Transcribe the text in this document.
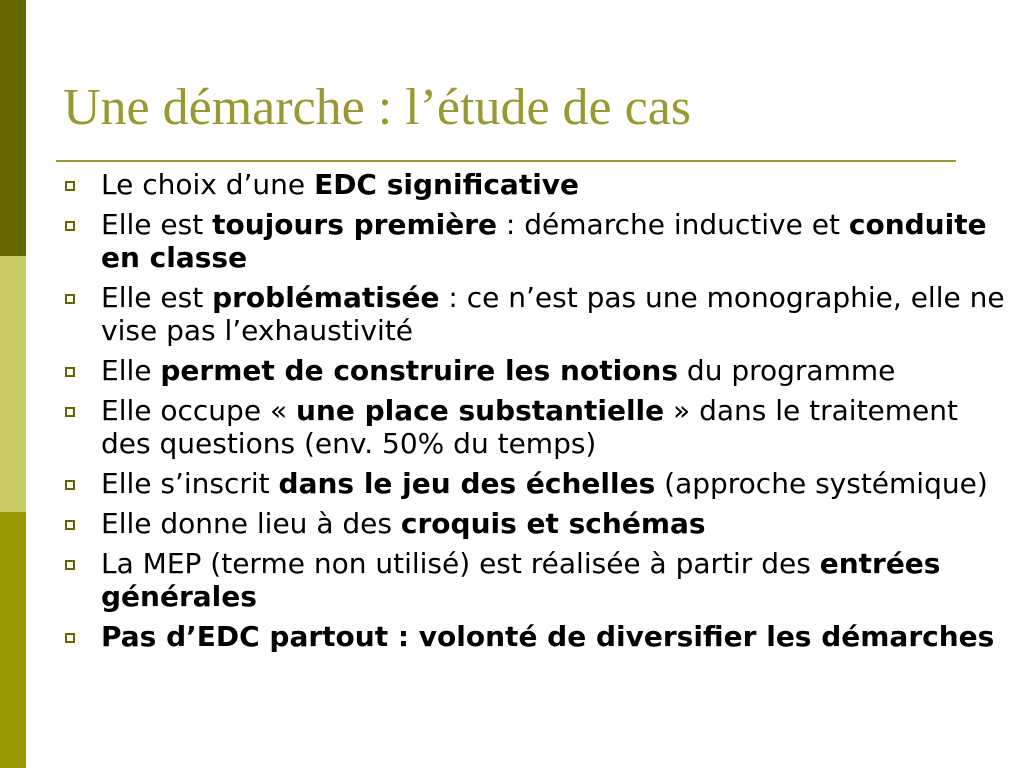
Une démarche : l’étude de cas
Le choix d’une EDC significative
Elle est toujours première : démarche inductive et conduite en classe
Elle est problématisée : ce n’est pas une monographie, elle ne vise pas l’exhaustivité
Elle permet de construire les notions du programme
Elle occupe « une place substantielle » dans le traitement des questions (env. 50% du temps)
Elle s’inscrit dans le jeu des échelles (approche systémique)
Elle donne lieu à des croquis et schémas
La MEP (terme non utilisé) est réalisée à partir des entrées générales
Pas d’EDC partout : volonté de diversifier les démarches
